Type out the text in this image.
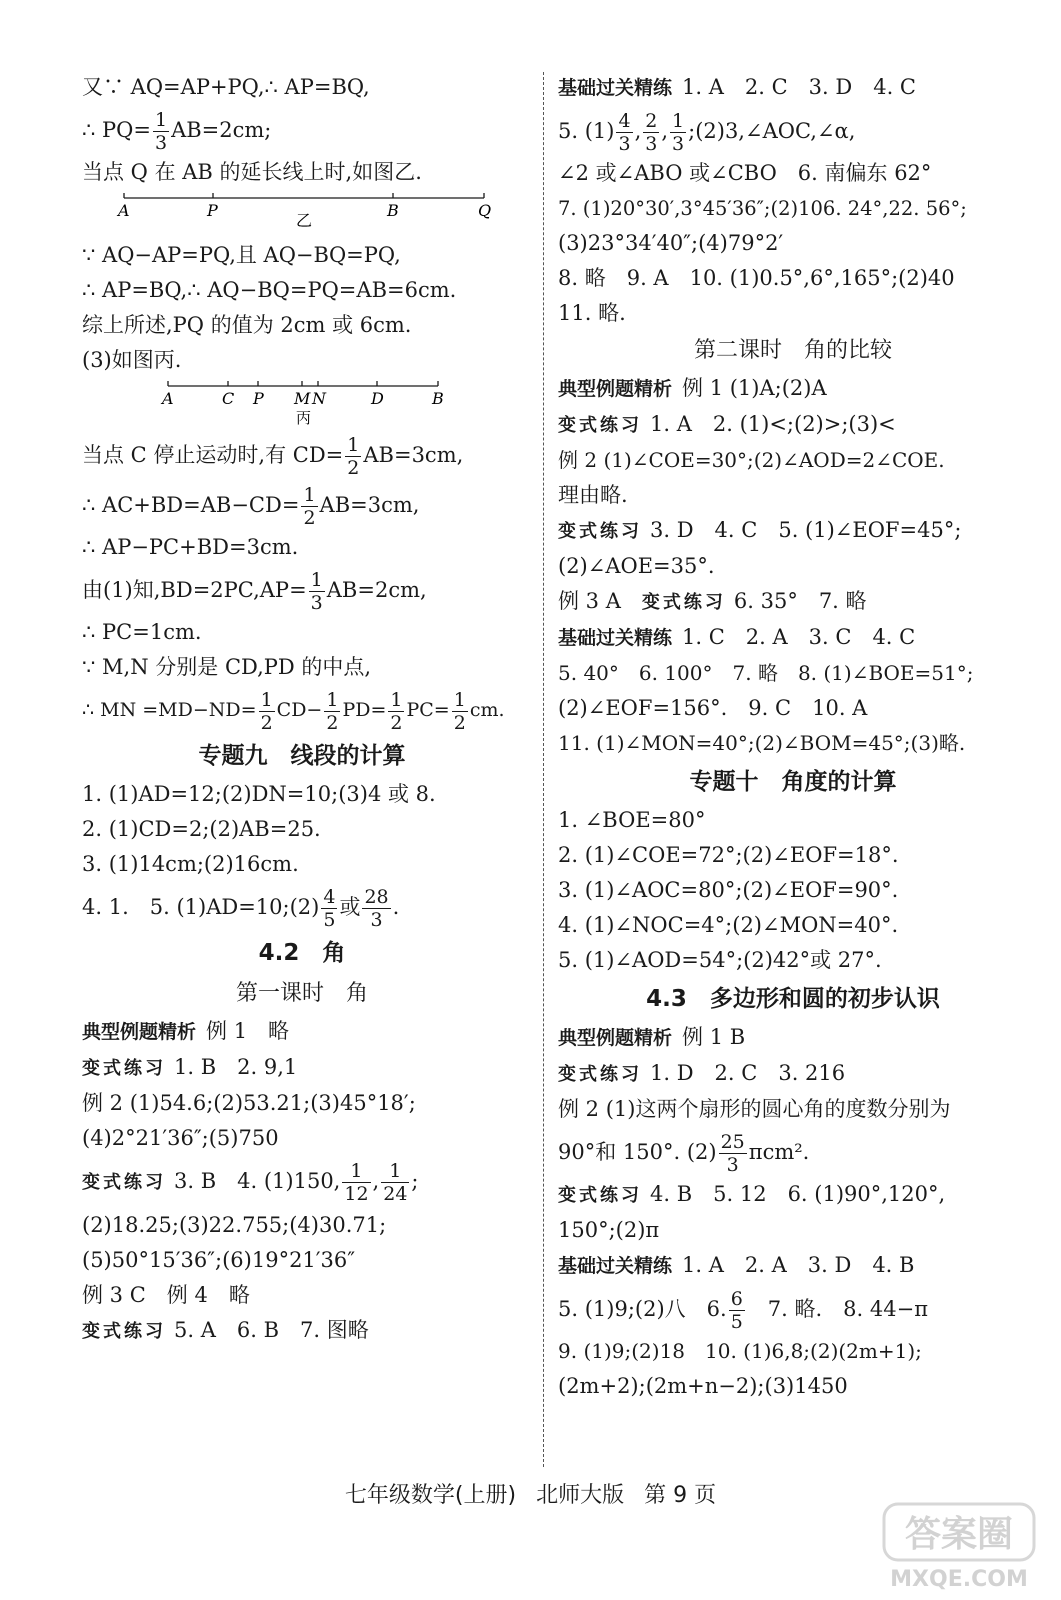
又∵ AQ=AP+PQ,∴ AP=BQ,
∴ $PQ= \frac{1}{3} AB=2cm$;
当点 Q 在 AB 的延长线上时,如图乙.
A	P	B	Q
乙
∵ AQ−AP=PQ,且 AQ−BQ=PQ,
∴ AP=BQ,∴ AQ−BQ=PQ=AB=6cm.
综上所述,PQ 的值为 2cm 或 6cm.
(3)如图丙.
A	C P M N	D	B
丙
当点 C 停止运动时,有 $CD= \frac{1}{2} AB=3cm$,
∴ $AC+BD=AB-CD= \frac{1}{2} AB=3cm$,
∴ AP−PC+BD=3cm.
由(1)知$,BD=2PC,AP= \frac{1}{3} AB=2cm$,
∴ PC=1cm.
∵ M,N 分别是 CD,PD 的中点,
∴ MN $=MD-ND= \frac{1}{2} CD- \frac{1}{2} PD= \frac{1}{2} PC= \frac{1}{2}$ cm.
专题九　线段的计算
1. (1)AD=12;(2)DN=10;(3)4 或 8.
2. (1)CD=2;(2)AB=25.
3. (1)14cm;(2)16cm.
4. 1.　5. (1)AD=10;(2) $\frac{4}{5}$ 或 $\frac{28}{3}$ .
4.2　角
第一课时　角
典型例题精析 例 1　略
变式练习 1. B　2. 9,1
例 2 (1)54.6;(2)53.21;(3)45°18′;
(4)2°21′36″;(5)750
变式练习 3. B　4. (1)150, $\frac{1}{12}$ , $\frac{1}{24}$ ;
(2)18.25;(3)22.755;(4)30.71;
(5)50°15′36″;(6)19°21′36″
例 3 C　例 4　略
变式练习 5. A　6. B　7. 图略
基础过关精练 1. A　2. C　3. D　4. C
5. $(1) \frac{4}{3}$ , $\frac{2}{3}$ , $\frac{1}{3}$ ;(2)3,∠AOC,∠α,
∠2 或∠ABO 或∠CBO　6. 南偏东 62°
7. (1)20°30′,3°45′36″;(2)106. 24°,22. 56°;
(3)23°34′40″;(4)79°2′
8. 略　9. A　10. (1)0.5°,6°,165°;(2)40
11. 略.
第二课时　角的比较
典型例题精析 例 1 (1)A;(2)A
变式练习 1. A　2. (1)<;(2)>;(3)<
例 2 (1)∠COE=30°;(2)∠AOD=2∠COE.
理由略.
变式练习 3. D　4. C　5. (1)∠EOF=45°;
(2)∠AOE=35°.
例 3 A　 变式练习 6. 35°　7. 略
基础过关精练 1. C　2. A　3. C　4. C
5. 40°　6. 100°　7. 略　8. (1)∠BOE=51°;
(2)∠EOF=156°.　9. C　10. A
11. (1)∠MON=40°;(2)∠BOM=45°;(3)略.
专题十　角度的计算
1. ∠BOE=80°
2. (1)∠COE=72°;(2)∠EOF=18°.
3. (1)∠AOC=80°;(2)∠EOF=90°.
4. (1)∠NOC=4°;(2)∠MON=40°.
5. (1)∠AOD=54°;(2)42°或 27°.
4.3　多边形和圆的初步认识
典型例题精析 例 1 B
变式练习 1. D　2. C　3. 216
例 2 (1)这两个扇形的圆心角的度数分别为
90°和 150°. $(2) \frac{25}{3} \pi cm^2$.
变式练习 4. B　5. 12　6. (1)90°,120°,
150°;(2)π
基础过关精练 1. A　2. A　3. D　4. B
5. (1)9;(2)八　6. $\frac{6}{5}$ 　7. 略.　8. 44−π
9. (1)9;(2)18　10. (1)6,8;(2)(2m+1);
(2m+2);(2m+n−2);(3)1450
七年级数学(上册) 北师大版 第 9 页
答案圈
MXQE.COM
